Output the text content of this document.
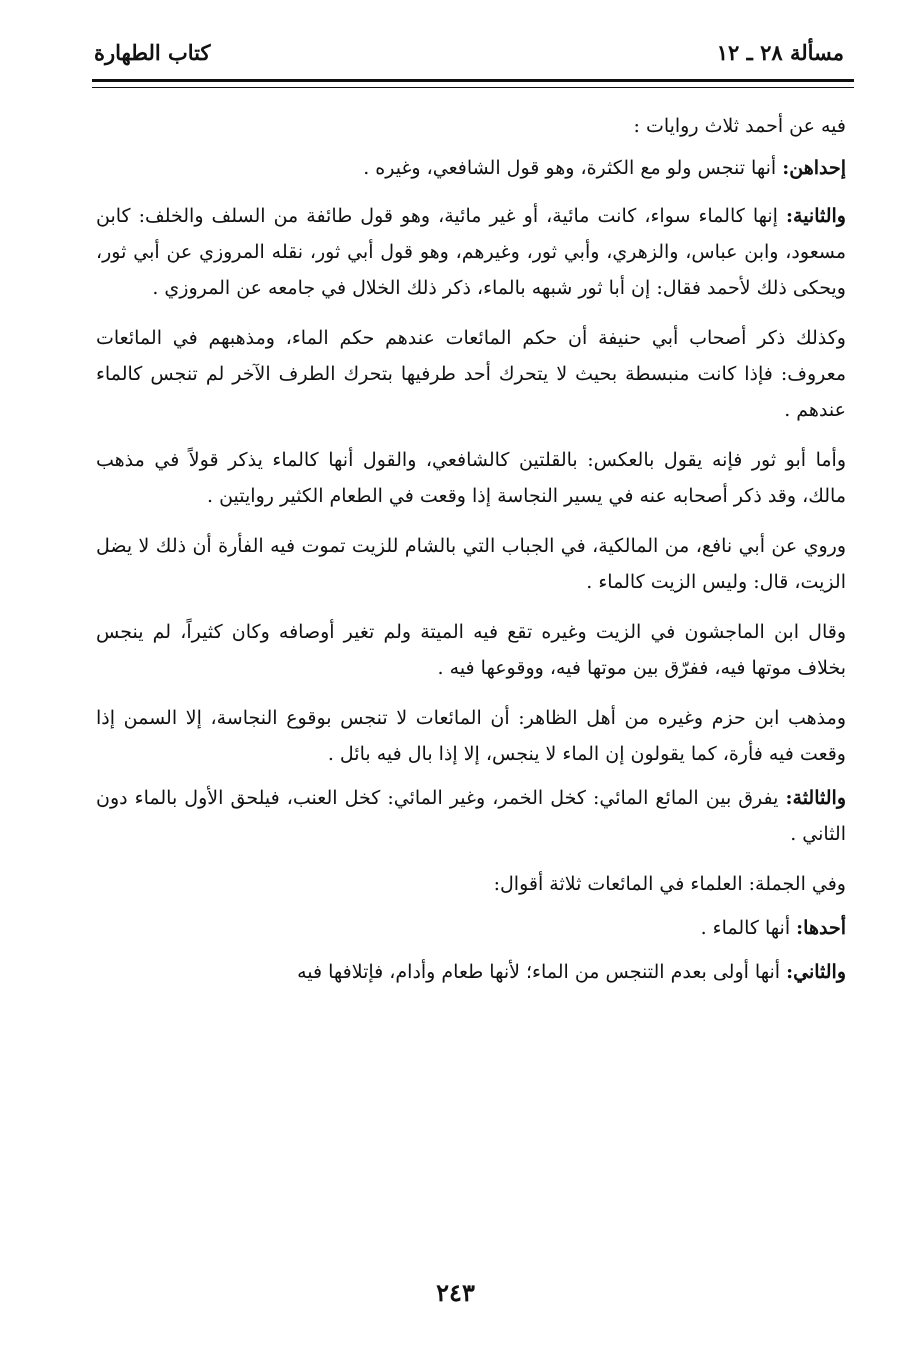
مسألة ٢٨ ـ ١٢
كتاب الطهارة

فيه عن أحمد ثلاث روايات :

إحداهن: أنها تنجس ولو مع الكثرة، وهو قول الشافعي، وغيره .

والثانية: إنها كالماء سواء، كانت مائية، أو غير مائية، وهو قول طائفة من السلف والخلف: كابن مسعود، وابن عباس، والزهري، وأبي ثور، وغيرهم، وهو قول أبي ثور، نقله المروزي عن أبي ثور، ويحكى ذلك لأحمد فقال: إن أبا ثور شبهه بالماء، ذكر ذلك الخلال في جامعه عن المروزي .

وكذلك ذكر أصحاب أبي حنيفة أن حكم المائعات عندهم حكم الماء، ومذهبهم في المائعات معروف: فإذا كانت منبسطة بحيث لا يتحرك أحد طرفيها بتحرك الطرف الآخر لم تنجس كالماء عندهم .

وأما أبو ثور فإنه يقول بالعكس: بالقلتين كالشافعي، والقول أنها كالماء يذكر قولاً في مذهب مالك، وقد ذكر أصحابه عنه في يسير النجاسة إذا وقعت في الطعام الكثير روايتين .

وروي عن أبي نافع، من المالكية، في الجباب التي بالشام للزيت تموت فيه الفأرة أن ذلك لا يضل الزيت، قال: وليس الزيت كالماء .

وقال ابن الماجشون في الزيت وغيره تقع فيه الميتة ولم تغير أوصافه وكان كثيراً، لم ينجس بخلاف موتها فيه، ففرّق بين موتها فيه، ووقوعها فيه .

ومذهب ابن حزم وغيره من أهل الظاهر: أن المائعات لا تنجس بوقوع النجاسة، إلا السمن إذا وقعت فيه فأرة، كما يقولون إن الماء لا ينجس، إلا إذا بال فيه بائل .

والثالثة: يفرق بين المائع المائي: كخل الخمر، وغير المائي: كخل العنب، فيلحق الأول بالماء دون الثاني .

وفي الجملة: العلماء في المائعات ثلاثة أقوال:

أحدها: أنها كالماء .

والثاني: أنها أولى بعدم التنجس من الماء؛ لأنها طعام وأدام، فإتلافها فيه

٢٤٣
